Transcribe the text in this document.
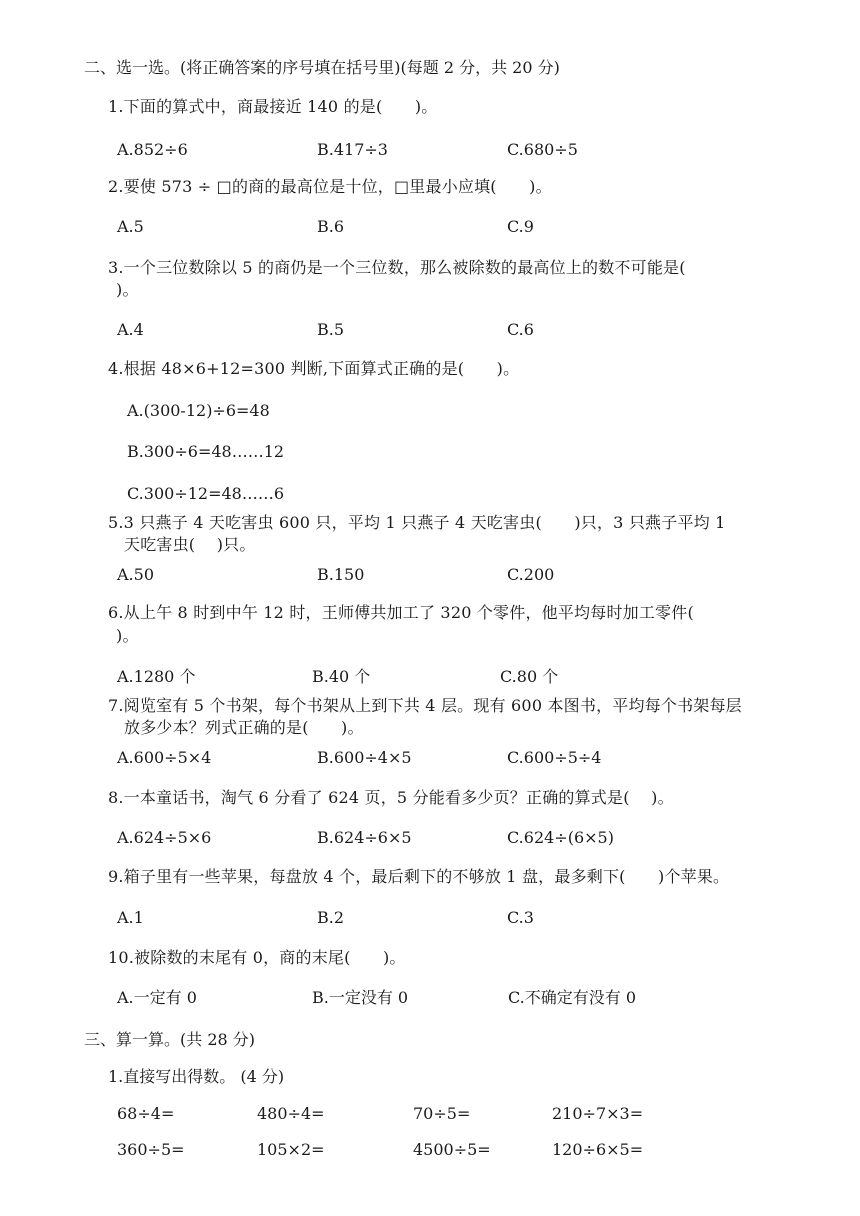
二、选一选。(将正确答案的序号填在括号里)(每题 2 分，共 20 分)
1.下面的算式中，商最接近 140 的是(　　)。
A.852÷6	B.417÷3	C.680÷5
2.要使 573 ÷ □的商的最高位是十位，□里最小应填(　　)。
A.5	B.6	C.9
3.一个三位数除以 5 的商仍是一个三位数，那么被除数的最高位上的数不可能是(
)。
A.4	B.5	C.6
4.根据 48×6+12=300 判断,下面算式正确的是(　　)。
A.(300-12)÷6=48
B.300÷6=48……12
C.300÷12=48……6
5.3 只燕子 4 天吃害虫 600 只，平均 1 只燕子 4 天吃害虫(　　)只，3 只燕子平均 1
天吃害虫(　 )只。
A.50	B.150	C.200
6.从上午 8 时到中午 12 时，王师傅共加工了 320 个零件，他平均每时加工零件(
)。
A.1280 个	B.40 个	C.80 个
7.阅览室有 5 个书架，每个书架从上到下共 4 层。现有 600 本图书，平均每个书架每层
放多少本？列式正确的是(　　)。
A.600÷5×4	B.600÷4×5	C.600÷5÷4
8.一本童话书，淘气 6 分看了 624 页，5 分能看多少页？正确的算式是(　 )。
A.624÷5×6	B.624÷6×5	C.624÷(6×5)
9.箱子里有一些苹果，每盘放 4 个，最后剩下的不够放 1 盘，最多剩下(　　)个苹果。
A.1	B.2	C.3
10.被除数的末尾有 0，商的末尾(　　)。
A.一定有 0	B.一定没有 0	C.不确定有没有 0
三、算一算。(共 28 分)
1.直接写出得数。 (4 分)
68÷4=	480÷4=	70÷5=	210÷7×3=
360÷5=	105×2=	4500÷5=	120÷6×5=
